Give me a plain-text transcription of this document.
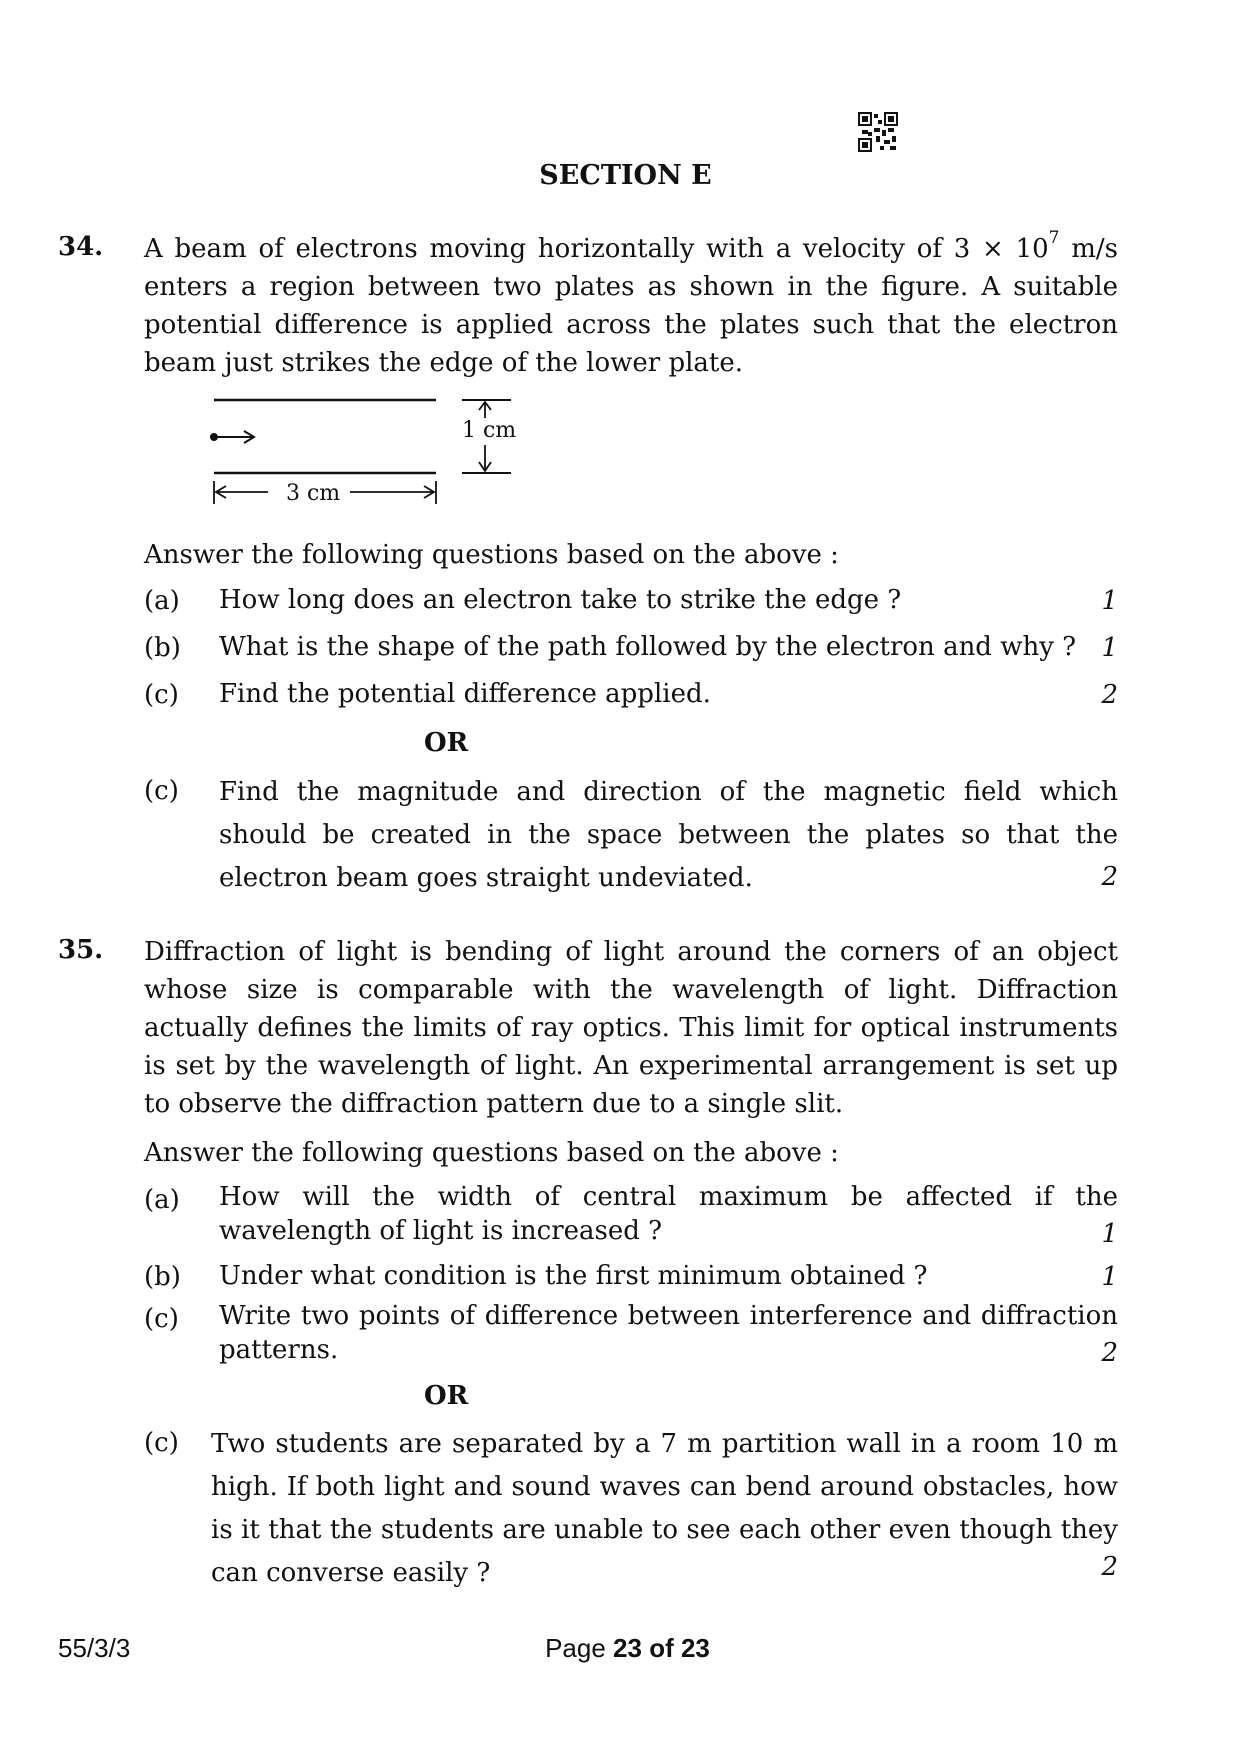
SECTION E
34. A beam of electrons moving horizontally with a velocity of $3 \times 10^7$ m/s
enters a region between two plates as shown in the figure. A suitable
potential difference is applied across the plates such that the electron
beam just strikes the edge of the lower plate.
1 cm
3 cm
Answer the following questions based on the above :
(a) How long does an electron take to strike the edge ?	1
(b) What is the shape of the path followed by the electron and why ? 1
(c) Find the potential difference applied.	2
OR
(c) Find the magnitude and direction of the magnetic field which
should be created in the space between the plates so that the
electron beam goes straight undeviated.	2
35. Diffraction of light is bending of light around the corners of an object
whose size is comparable with the wavelength of light. Diffraction
actually defines the limits of ray optics. This limit for optical instruments
is set by the wavelength of light. An experimental arrangement is set up
to observe the diffraction pattern due to a single slit.
Answer the following questions based on the above :
(a) How will the width of central maximum be affected if the
wavelength of light is increased ?	1
(b) Under what condition is the first minimum obtained ?	1
(c) Write two points of difference between interference and diffraction
patterns.	2
OR
(c) Two students are separated by a 7 m partition wall in a room 10 m
high. If both light and sound waves can bend around obstacles, how
is it that the students are unable to see each other even though they
can converse easily ?	2
55/3/3	Page 23 of 23
